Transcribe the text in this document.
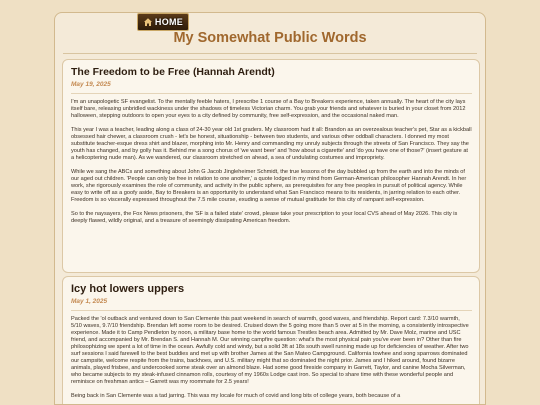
HOME
My Somewhat Public Words
The Freedom to be Free (Hannah Arendt)
May 19, 2025

I'm an unapologetic SF evangelist. To the mentally feeble haters, I prescribe 1 course of a Bay to Breakers experience, taken annually. The heart of the city lays itself bare, releasing unbridled wackiness under the shadows of timeless Victorian charm. You grab your friends and whatever is buried in your closet from 2012 halloween, stepping outdoors to open your eyes to a city defined by community, free self-expression, and the occasional naked man.

This year I was a teacher, leading along a class of 24-30 year old 1st graders. My classroom had it all: Brandon as an overzealous teacher's pet, Star as a kickball obsessed hair chewer, a classroom crush - let's be honest, situationship - between two students, and various other oddball characters. I donned my most substitute teacher-esque dress shirt and blazer, morphing into Mr. Henry and commanding my unruly subjects through the streets of San Francisco. They say the youth has changed, and by golly has it. Behind me a song chorus of 'we want beer' and 'how about a cigarette' and 'do you have one of those?' (insert gesture at a helicoptering nude man). As we wandered, our classroom stretched on ahead, a sea of undulating costumes and impropriety.

While we sang the ABCs and something about John G Jacob Jingleheimer Schmidt, the true lessons of the day bubbled up from the earth and into the minds of our aged out children. 'People can only be free in relation to one another,' a quote lodged in my mind from German-American philosopher Hannah Arendt. In her work, she rigorously examines the role of community, and activity in the public sphere, as prerequisites for any free peoples in pursuit of political agency. While easy to write off as a goofy aside, Bay to Breakers is an opportunity to understand what San Francisco means to its residents, in jarring relation to each other. Freedom is so viscerally expressed throughout the 7.5 mile course, exuding a sense of mutual gratitude for this city of rampant self-expression.

So to the naysayers, the Fox News prisoners, the 'SF is a failed state' crowd, please take your prescription to your local CVS ahead of May 2026. This city is deeply flawed, wildly original, and a treasure of seemingly dissipating American freedom.

Icy hot lowers uppers
May 1, 2025

Packed the 'ol outback and ventured down to San Clemente this past weekend in search of warmth, good waves, and friendship. Report card: 7.3/10 warmth, 5/10 waves, 9.7/10 friendship. Brendan left some room to be desired. Cruised down the 5 going more than 5 over at 5 in the morning, a consistently introspective experience. Made it to Camp Pendleton by noon, a military base home to the world famous Trestles beach area. Admitted by Mr. Dave Molz, marine and USC friend, and accompanied by Mr. Brendan S. and Hannah M. Our winning campfire question: what's the most physical pain you've ever been in? Other than fire philosophizing we spent a lot of time in the ocean. Awfully cold and windy, but a solid 3ft at 18s south swell running made up for deficiencies of weather. After two surf sessions I said farewell to the best buddies and met up with brother James at the San Mateo Campground. California towhee and song sparrows dominated our campsite, welcome respite from the trains, backhoes, and U.S. military might that so dominated the night prior. James and I hiked around, found bizarre animals, played frisbee, and undercooked some steak over an almond blaze. Had some good fireside company in Garrett, Taylor, and canine Mocha Silverman, who became subjects to my steak-infused cinnamon rolls, courtesy of my 1960s Lodge cast iron. So special to share time with these wonderful people and reminisce on freshman antics – Garrett was my roommate for 2.5 years!

Being back in San Clemente was a tad jarring. This was my locale for much of covid and long bits of college years, both because of a
